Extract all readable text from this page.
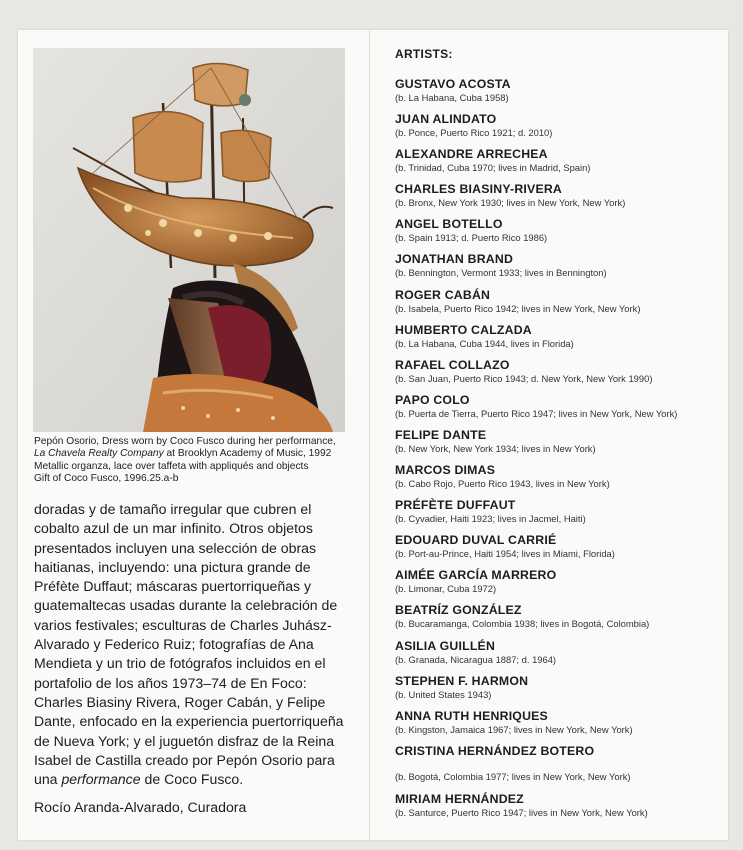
Pepón Osorio, Dress worn by Coco Fusco during her performance,
La Chavela Realty Company at Brooklyn Academy of Music, 1992
Metallic organza, lace over taffeta with appliqués and objects
Gift of Coco Fusco, 1996.25.a-b
doradas y de tamaño irregular que cubren el cobalto azul de un mar infinito. Otros objetos presentados incluyen una selección de obras haitianas, incluyendo: una pictura grande de Préfète Duffaut; máscaras puertorriqueñas y guatemaltecas usadas durante la celebración de varios festivales; esculturas de Charles Juhász-Alvarado y Federico Ruiz; fotografías de Ana Mendieta y un trio de fotógrafos incluidos en el portafolio de los años 1973–74 de En Foco: Charles Biasiny Rivera, Roger Cabán, y Felipe Dante, enfocado en la experiencia puertorriqueña de Nueva York; y el juguetón disfraz de la Reina Isabel de Castilla creado por Pepón Osorio para una performance de Coco Fusco.
Rocío Aranda-Alvarado, Curadora
ARTISTS:
GUSTAVO ACOSTA
(b. La Habana, Cuba 1958)
JUAN ALINDATO
(b. Ponce, Puerto Rico 1921; d. 2010)
ALEXANDRE ARRECHEA
(b. Trinidad, Cuba 1970; lives in Madrid, Spain)
CHARLES BIASINY-RIVERA
(b. Bronx, New York 1930; lives in New York, New York)
ANGEL BOTELLO
(b. Spain 1913; d. Puerto Rico 1986)
JONATHAN BRAND
(b. Bennington, Vermont 1933; lives in Bennington)
ROGER CABÁN
(b. Isabela, Puerto Rico 1942; lives in New York, New York)
HUMBERTO CALZADA
(b. La Habana, Cuba 1944, lives in Florida)
RAFAEL COLLAZO
(b. San Juan, Puerto Rico 1943; d. New York, New York 1990)
PAPO COLO
(b. Puerta de Tierra, Puerto Rico 1947; lives in New York, New York)
FELIPE DANTE
(b. New York, New York 1934; lives in New York)
MARCOS DIMAS
(b. Cabo Rojo, Puerto Rico 1943, lives in New York)
PRÉFÈTE DUFFAUT
(b. Cyvadier, Haiti 1923; lives in Jacmel, Haiti)
EDOUARD DUVAL CARRIÉ
(b. Port-au-Prince, Haiti 1954; lives in Miami, Florida)
AIMÉE GARCÍA MARRERO
(b. Limonar, Cuba 1972)
BEATRÍZ GONZÁLEZ
(b. Bucaramanga, Colombia 1938; lives in Bogotá, Colombia)
ASILIA GUILLÉN
(b. Granada, Nicaragua 1887; d. 1964)
STEPHEN F. HARMON
(b. United States 1943)
ANNA RUTH HENRIQUES
(b. Kingston, Jamaica 1967; lives in New York, New York)
CRISTINA HERNÁNDEZ BOTERO
(b. Bogotá, Colombia 1977; lives in New York, New York)
MIRIAM HERNÁNDEZ
(b. Santurce, Puerto Rico 1947; lives in New York, New York)
